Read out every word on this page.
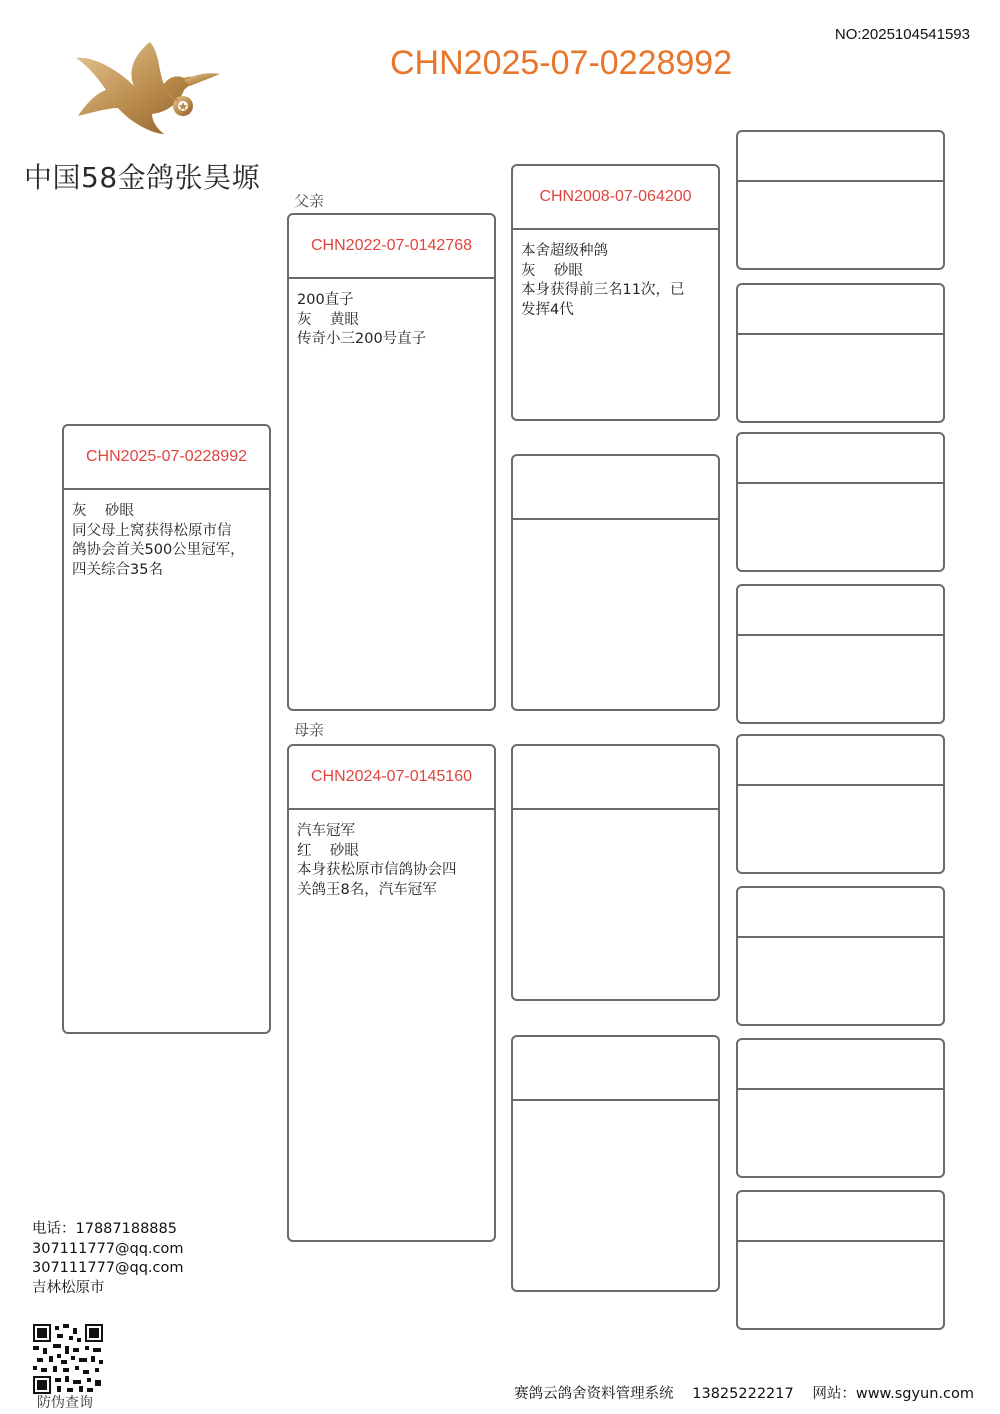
NO:2025104541593
CHN2025-07-0228992
中国58金鸽张昊塬
CHN2025-07-0228992
灰    砂眼
同父母上窝获得松原市信
鸽协会首关500公里冠军，
四关综合35名
父亲
CHN2022-07-0142768
200直子
灰    黄眼
传奇小三200号直子
母亲
CHN2024-07-0145160
汽车冠军
红    砂眼
本身获松原市信鸽协会四
关鸽王8名，汽车冠军
CHN2008-07-064200
本舍超级种鸽
灰    砂眼
本身获得前三名11次，已
发挥4代
电话：17887188885
307111777@qq.com
307111777@qq.com
吉林松原市
防伪查询
赛鸽云鸽舍资料管理系统 13825222217 网站：www.sgyun.com
